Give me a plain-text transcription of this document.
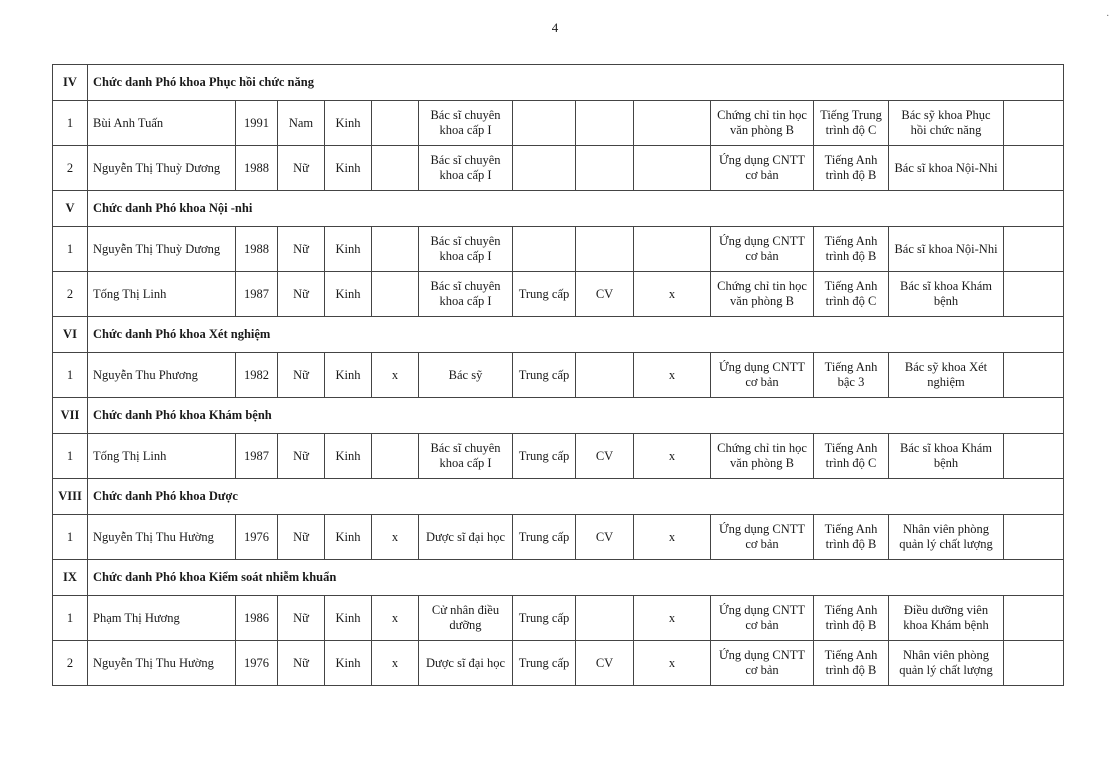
4
.
IV	Chức danh Phó khoa Phục hồi chức năng												
1	Bùi Anh Tuấn	1991	Nam	Kinh		Bác sĩ chuyên khoa cấp I				Chứng chỉ tin học văn phòng B	Tiếng Trung trình độ C	Bác sỹ khoa Phục hồi chức năng	
2	Nguyễn Thị Thuỳ Dương	1988	Nữ	Kinh		Bác sĩ chuyên khoa cấp I				Ứng dụng CNTT cơ bản	Tiếng Anh trình độ B	Bác sĩ khoa Nội-Nhi	
V	Chức danh Phó khoa Nội -nhi												
1	Nguyễn Thị Thuỳ Dương	1988	Nữ	Kinh		Bác sĩ chuyên khoa cấp I				Ứng dụng CNTT cơ bản	Tiếng Anh trình độ B	Bác sĩ khoa Nội-Nhi	
2	Tống Thị Linh	1987	Nữ	Kinh		Bác sĩ chuyên khoa cấp I	Trung cấp	CV	x	Chứng chỉ tin học văn phòng B	Tiếng Anh trình độ C	Bác sĩ khoa Khám bệnh	
VI	Chức danh Phó khoa Xét nghiệm												
1	Nguyễn Thu Phương	1982	Nữ	Kinh	x	Bác sỹ	Trung cấp		x	Ứng dụng CNTT cơ bản	Tiếng Anh bậc 3	Bác sỹ khoa Xét nghiệm	
VII	Chức danh Phó khoa Khám bệnh												
1	Tống Thị Linh	1987	Nữ	Kinh		Bác sĩ chuyên khoa cấp I	Trung cấp	CV	x	Chứng chỉ tin học văn phòng B	Tiếng Anh trình độ C	Bác sĩ khoa Khám bệnh	
VIII	Chức danh Phó khoa Dược												
1	Nguyễn Thị Thu Hường	1976	Nữ	Kinh	x	Dược sĩ đại học	Trung cấp	CV	x	Ứng dụng CNTT cơ bản	Tiếng Anh trình độ B	Nhân viên phòng quản lý chất lượng	
IX	Chức danh Phó khoa Kiểm soát nhiễm khuẩn												
1	Phạm Thị Hương	1986	Nữ	Kinh	x	Cử nhân điều dưỡng	Trung cấp		x	Ứng dụng CNTT cơ bản	Tiếng Anh trình độ B	Điều dưỡng viên khoa Khám bệnh	
2	Nguyễn Thị Thu Hường	1976	Nữ	Kinh	x	Dược sĩ đại học	Trung cấp	CV	x	Ứng dụng CNTT cơ bản	Tiếng Anh trình độ B	Nhân viên phòng quản lý chất lượng	
